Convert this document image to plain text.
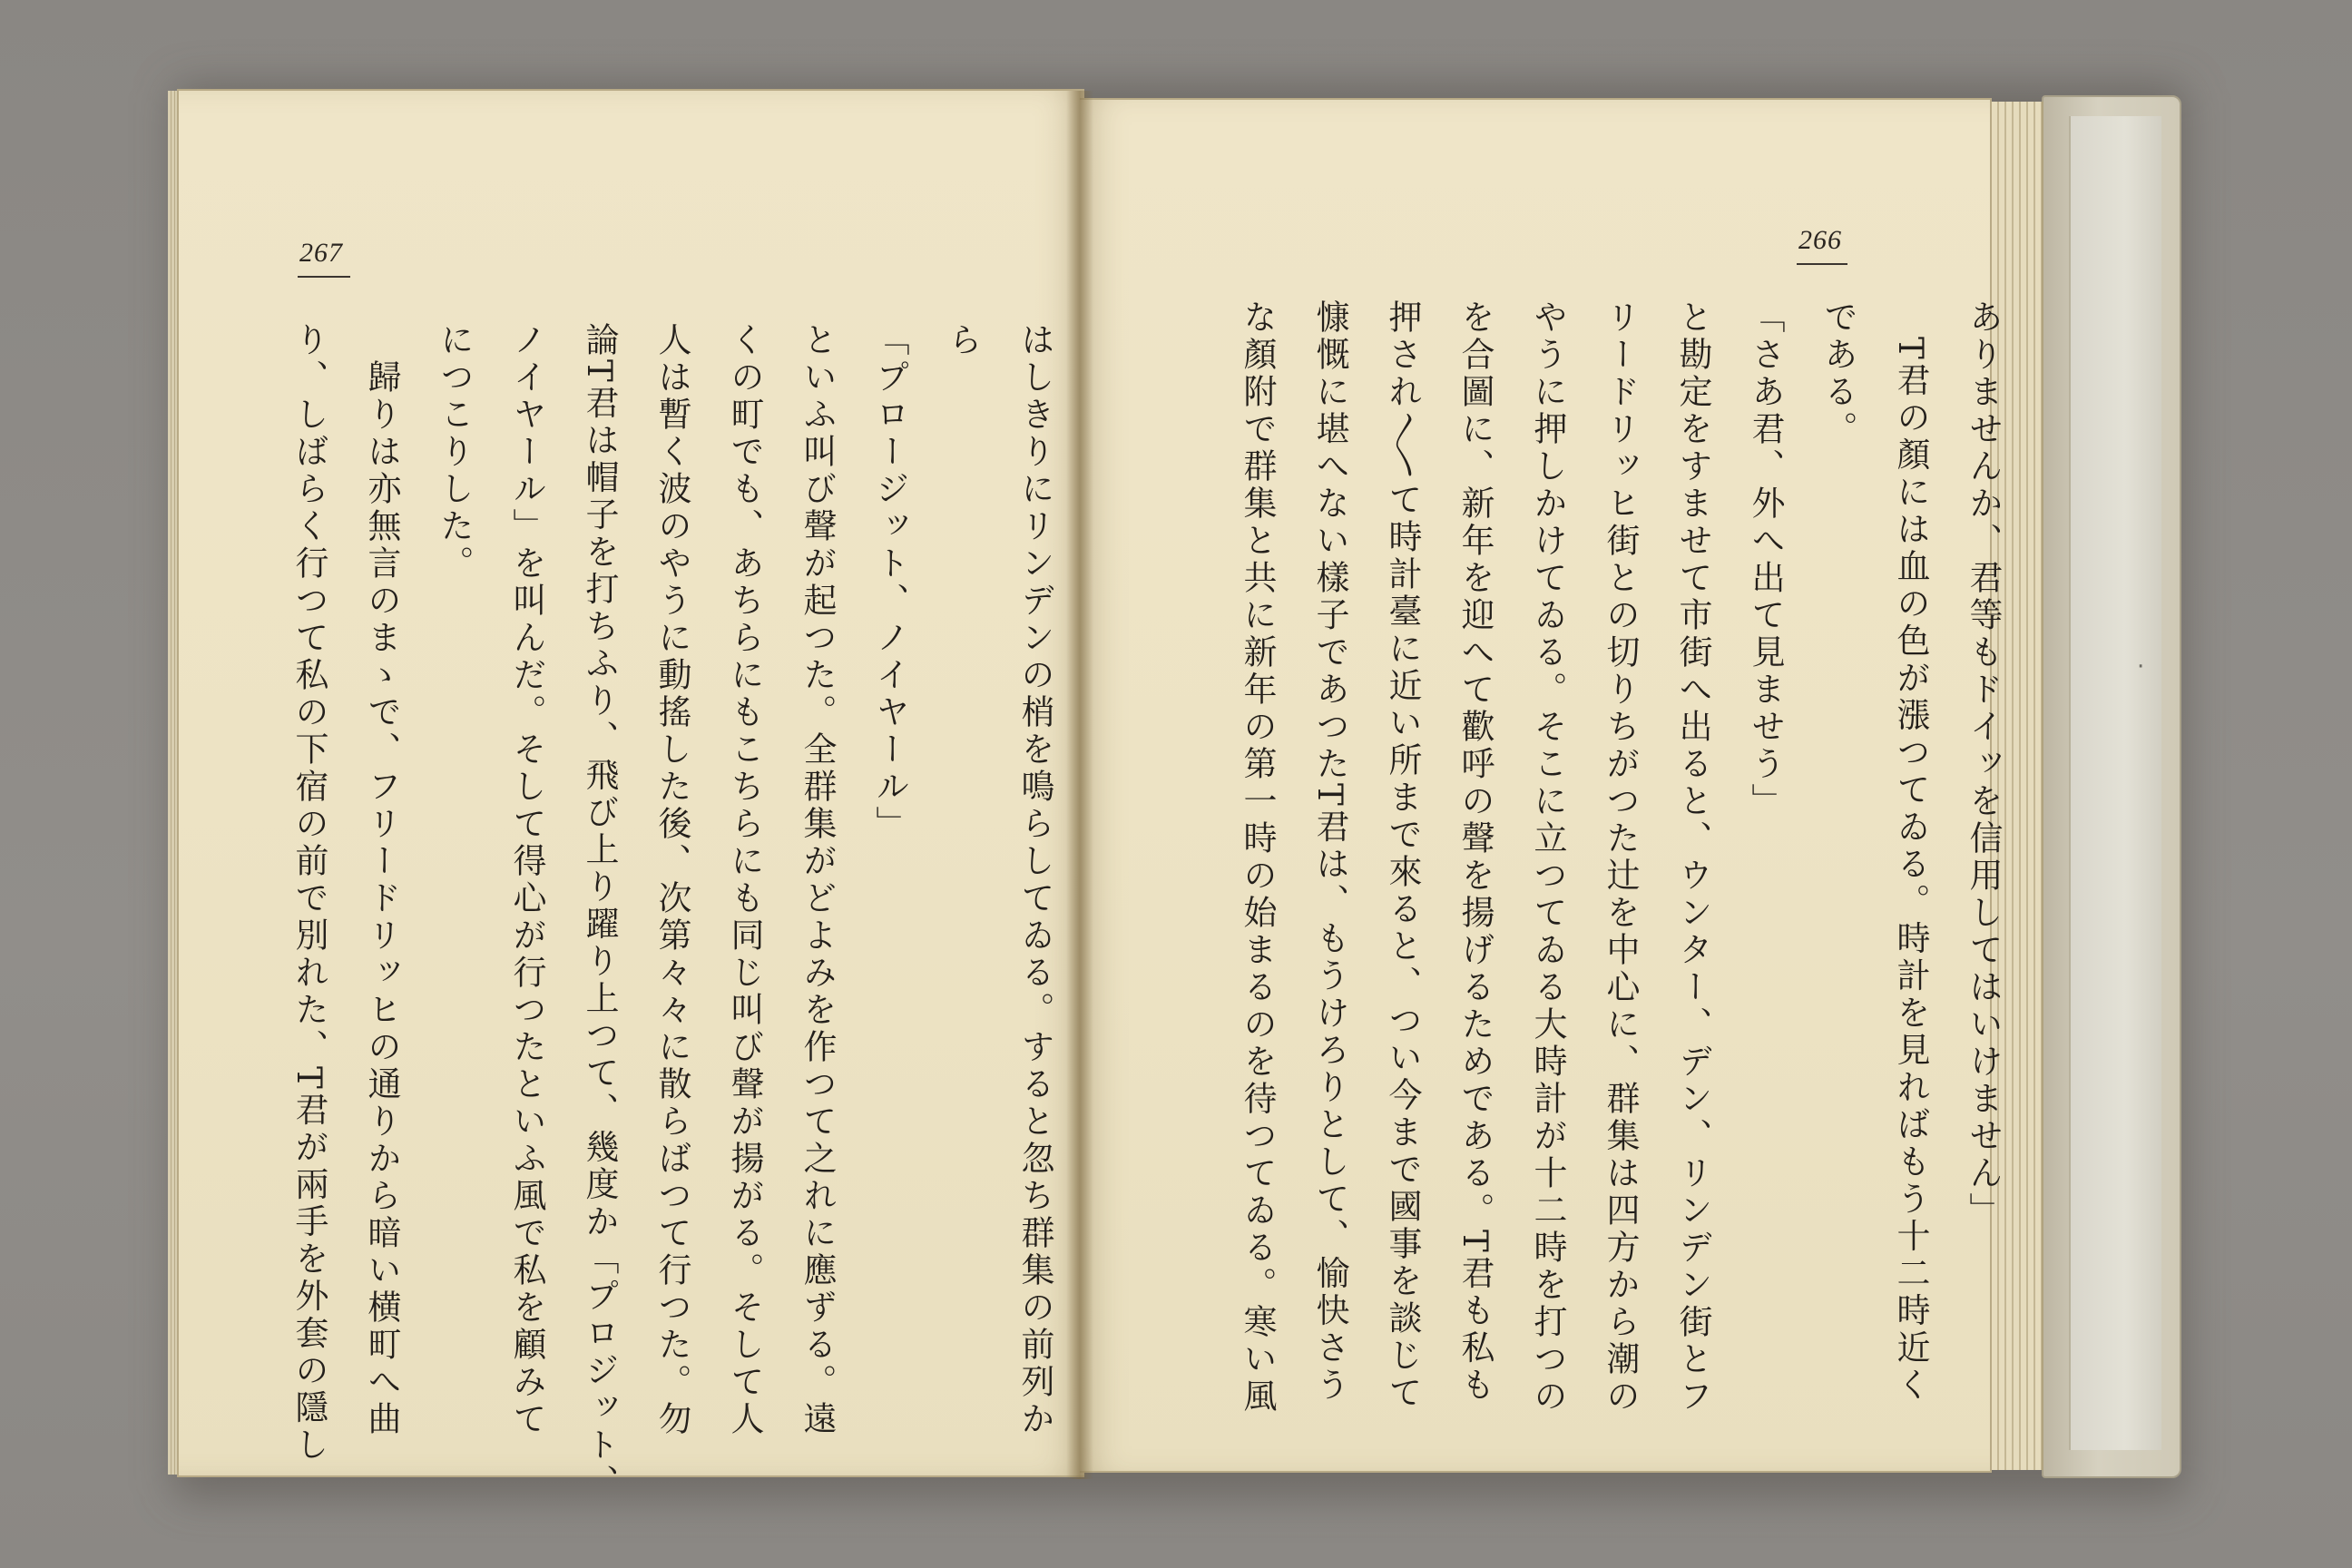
·
267	266

はしきりにリンデンの梢を鳴らしてゐる。すると忽ち群集の前列か

ら

「プロージット、ノイヤール」

といふ叫び聲が起つた。全群集がどよみを作つて之れに應ずる。遠

くの町でも、あちらにもこちらにも同じ叫び聲が揚がる。そして人

人は暫く波のやうに動搖した後、次第々々に散らばつて行つた。勿

論T君は帽子を打ちふり、飛び上り躍り上つて、幾度か「プロジット、

ノイヤール」を叫んだ。そして得心が行つたといふ風で私を顧みて

につこりした。

　歸りは亦無言のまゝで、フリードリッヒの通りから暗い横町へ曲

り、しばらく行つて私の下宿の前で別れた、T君が兩手を外套の隱し	ありませんか、君等もドイッを信用してはいけません」

　T君の顏には血の色が漲つてゐる。時計を見ればもう十二時近く

である。

「さあ君、外へ出て見ませう」

と勘定をすませて市街へ出ると、ウンター、デン、リンデン街とフ

リードリッヒ街との切りちがつた辻を中心に、群集は四方から潮の

やうに押しかけてゐる。そこに立つてゐる大時計が十二時を打つの

を合圖に、新年を迎へて歡呼の聲を揚げるためである。T君も私も

押され〳〵て時計臺に近い所まで來ると、つい今まで國事を談じて

慷慨に堪へない樣子であつたT君は、もうけろりとして、愉快さう

な顏附で群集と共に新年の第一時の始まるのを待つてゐる。寒い風
